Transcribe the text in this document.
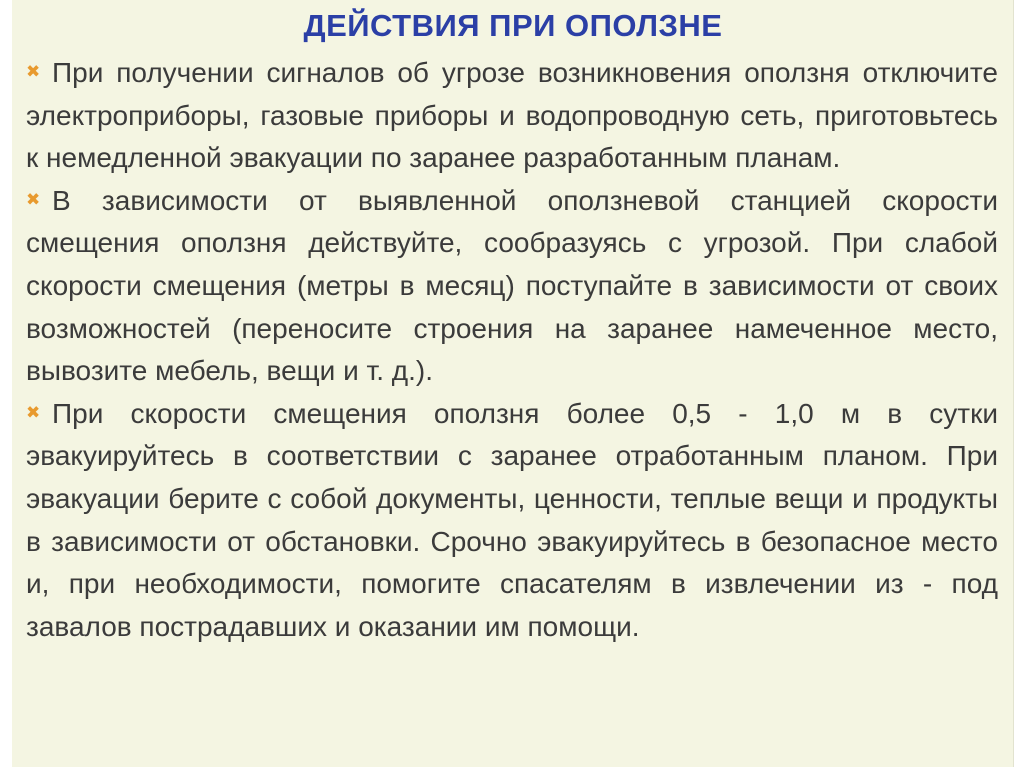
ДЕЙСТВИЯ ПРИ ОПОЛЗНЕ

✖ При получении сигналов об угрозе возникновения оползня отключите электроприборы, газовые приборы и водопроводную сеть, приготовьтесь к немедленной эвакуации по заранее разработанным планам.

✖ В зависимости от выявленной оползневой станцией скорости смещения оползня действуйте, сообразуясь с угрозой. При слабой скорости смещения (метры в месяц) поступайте в зависимости от своих возможностей (переносите строения на заранее намеченное место, вывозите мебель, вещи и т. д.).

✖ При скорости смещения оползня более 0,5 - 1,0 м в сутки эвакуируйтесь в соответствии с заранее отработанным планом. При эвакуации берите с собой документы, ценности, теплые вещи и продукты в зависимости от обстановки. Срочно эвакуируйтесь в безопасное место и, при необходимости, помогите спасателям в извлечении из - под завалов пострадавших и оказании им помощи.
